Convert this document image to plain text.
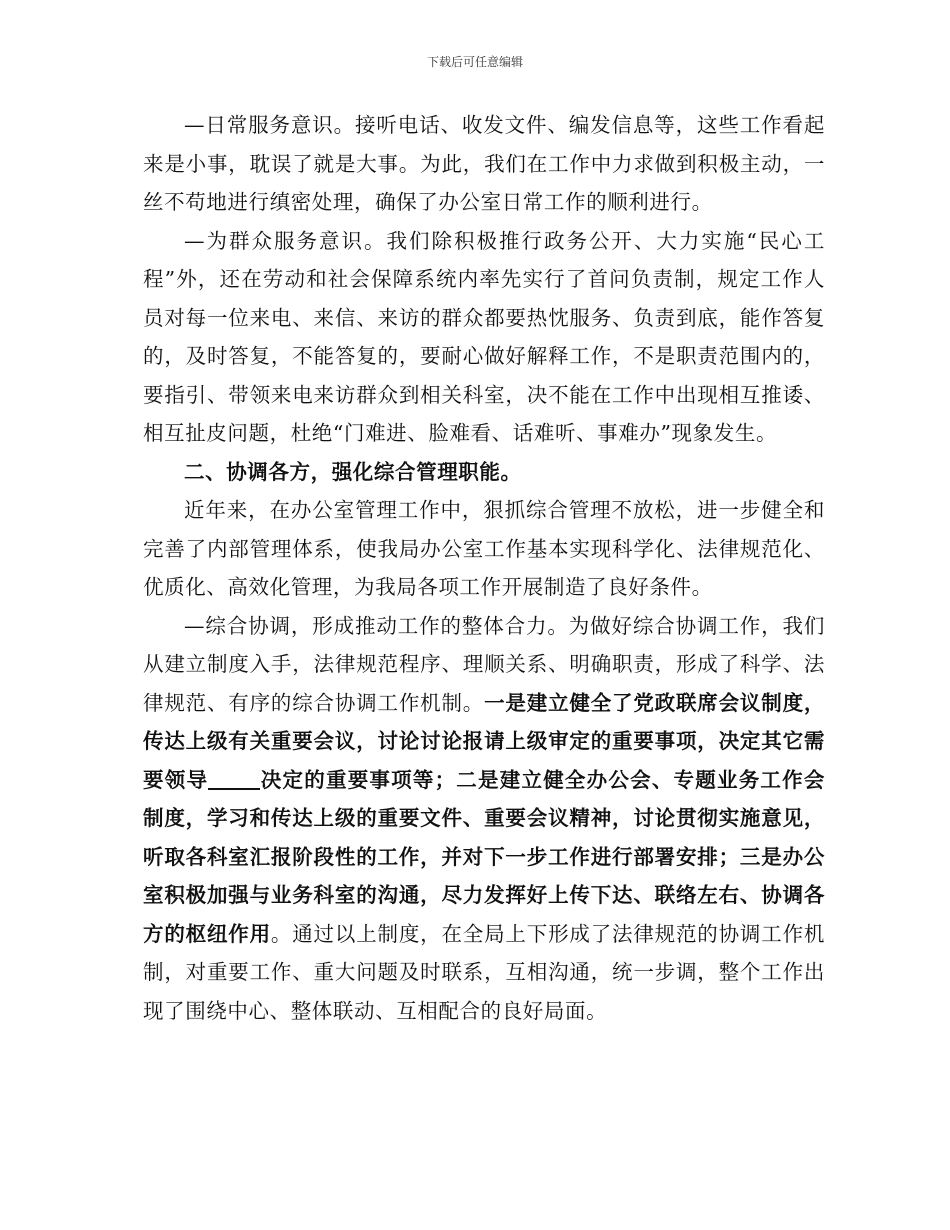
下载后可任意编辑

—日常服务意识。接听电话、收发文件、编发信息等，这些工作看起来是小事，耽误了就是大事。为此，我们在工作中力求做到积极主动，一丝不苟地进行缜密处理，确保了办公室日常工作的顺利进行。

—为群众服务意识。我们除积极推行政务公开、大力实施“民心工程”外，还在劳动和社会保障系统内率先实行了首问负责制，规定工作人员对每一位来电、来信、来访的群众都要热忱服务、负责到底，能作答复的，及时答复，不能答复的，要耐心做好解释工作，不是职责范围内的，要指引、带领来电来访群众到相关科室，决不能在工作中出现相互推诿、相互扯皮问题，杜绝“门难进、脸难看、话难听、事难办”现象发生。

二、协调各方，强化综合管理职能。

近年来，在办公室管理工作中，狠抓综合管理不放松，进一步健全和完善了内部管理体系，使我局办公室工作基本实现科学化、法律规范化、优质化、高效化管理，为我局各项工作开展制造了良好条件。

—综合协调，形成推动工作的整体合力。为做好综合协调工作，我们从建立制度入手，法律规范程序、理顺关系、明确职责，形成了科学、法律规范、有序的综合协调工作机制。一是建立健全了党政联席会议制度，传达上级有关重要会议，讨论讨论报请上级审定的重要事项，决定其它需要领导	决定的重要事项等；二是建立健全办公会、专题业务工作会制度，学习和传达上级的重要文件、重要会议精神，讨论贯彻实施意见，听取各科室汇报阶段性的工作，并对下一步工作进行部署安排；三是办公室积极加强与业务科室的沟通，尽力发挥好上传下达、联络左右、协调各方的枢纽作用。通过以上制度，在全局上下形成了法律规范的协调工作机制，对重要工作、重大问题及时联系，互相沟通，统一步调，整个工作出现了围绕中心、整体联动、互相配合的良好局面。
